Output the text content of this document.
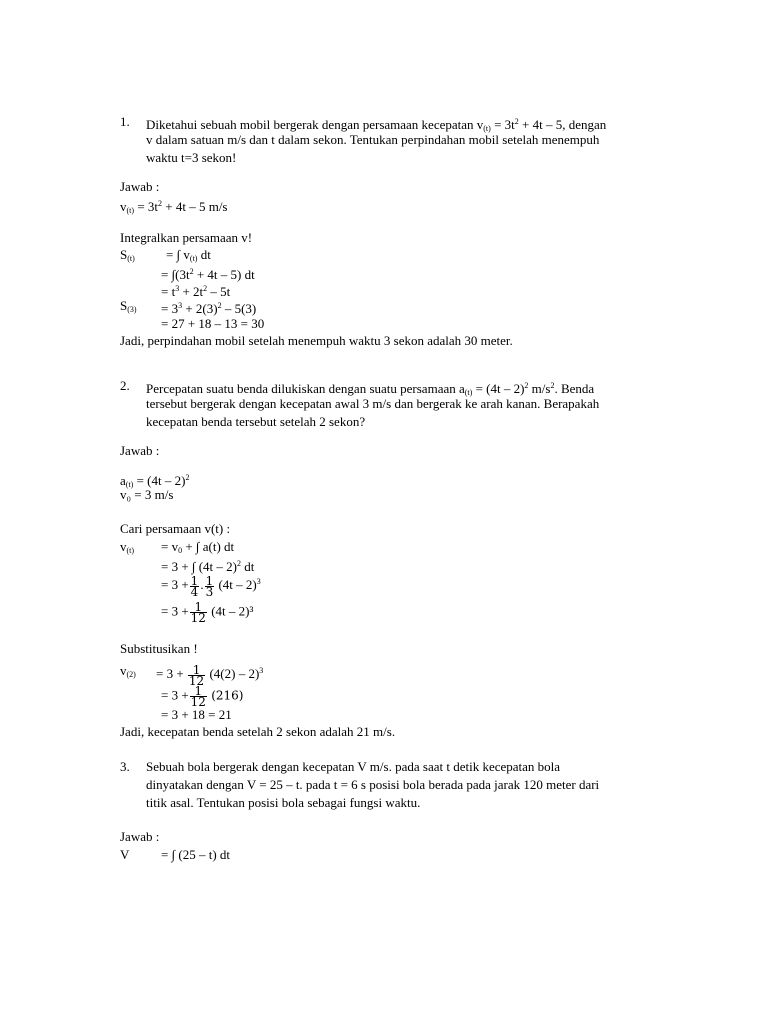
1. Diketahui sebuah mobil bergerak dengan persamaan kecepatan $v_{(t)} = 3t^2 + 4t - 5$, dengan
v dalam satuan m/s dan t dalam sekon. Tentukan perpindahan mobil setelah menempuh
waktu t=3 sekon!
Jawab :
$v_{(t)} = 3t^2 + 4t - 5$ m/s
Integralkan persamaan v!
$S_{(t)}$ = ∫ $v_{(t)}$ dt
= $\int(3t^2 + 4t - 5)$ dt
= $t^3 + 2t^2 - 5t$
$S_{(3)} = 3^3 + 2(3)^2 - 5(3)$
= 27 + 18 – 13 = 30
Jadi, perpindahan mobil setelah menempuh waktu 3 sekon adalah 30 meter.
2. Percepatan suatu benda dilukiskan dengan suatu persamaan $a_{(t)} = (4t - 2)^2$ $m/s^2$. Benda
tersebut bergerak dengan kecepatan awal 3 m/s dan bergerak ke arah kanan. Berapakah
kecepatan benda tersebut setelah 2 sekon?
Jawab :
$a_{(t)} = (4t - 2)^2$
v₀ = 3 m/s
Cari persamaan v(t) :
$v_{(t)} = v_0$ + ∫ a(t) dt
= 3 + ∫ (4t – 2)$^2$ dt
= $3 + \frac{1}{4}$ . $\frac{1}{3} (4t - 2)^3$
= $3 + \frac{1}{12} (4t - 2)^3$
Substitusikan !
$v_{(2)} = 3 + \frac{1}{12} (4(2) - 2)^3$
= $3 + \frac{1}{12} (216)$
= 3 + 18 = 21
Jadi, kecepatan benda setelah 2 sekon adalah 21 m/s.
3. Sebuah bola bergerak dengan kecepatan V m/s. pada saat t detik kecepatan bola
dinyatakan dengan V = 25 – t. pada t = 6 s posisi bola berada pada jarak 120 meter dari
titik asal. Tentukan posisi bola sebagai fungsi waktu.
Jawab :
V = ∫ (25 – t) dt
